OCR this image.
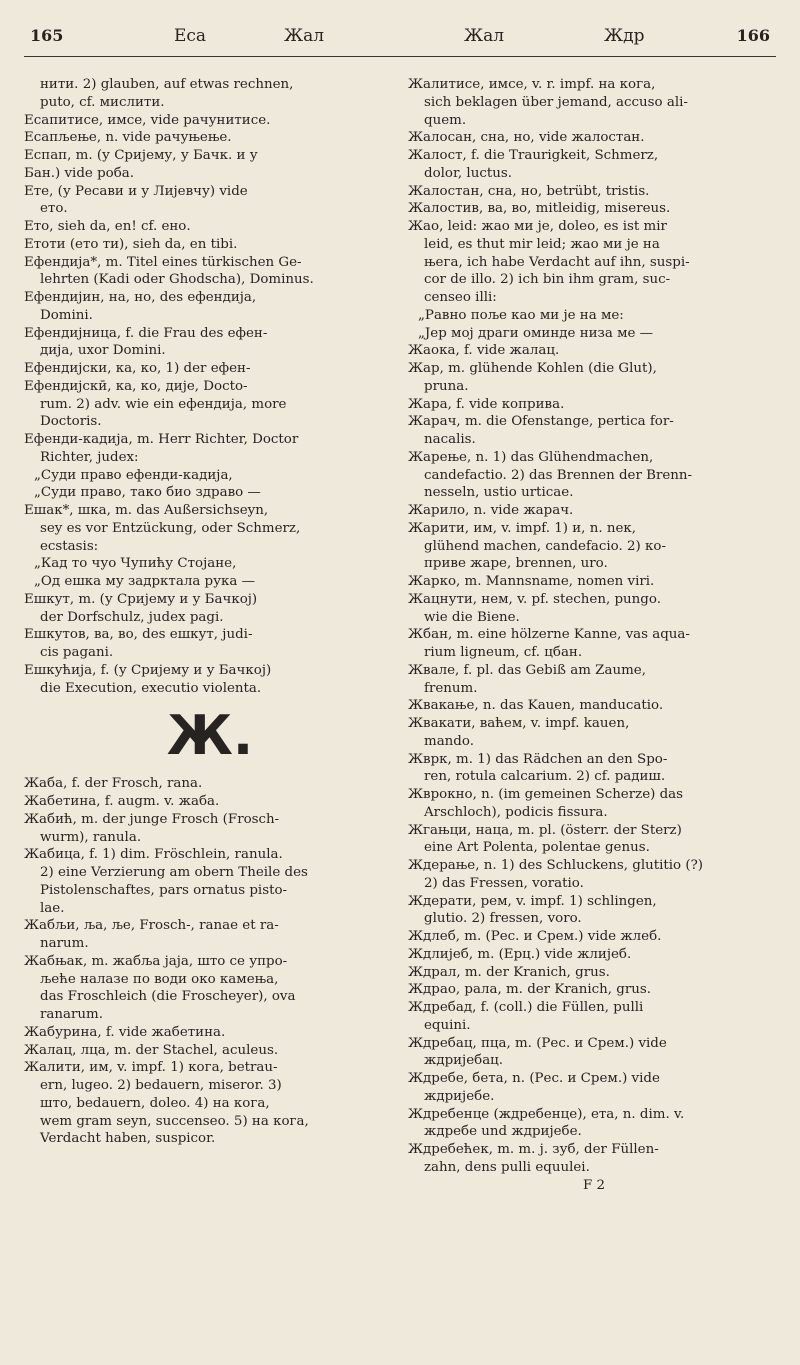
165	Еса	Жал	Жал	Ждр	166
нити. 2) glauben, auf etwas rechnen,
puto, cf. мислити.
Есапитисе, имсе, vide рачунитисе.
Есапљење, n. vide рачуњење.
Еспап, m. (у Сриjему, у Бачк. и у
Бан.) vide роба.
Ете, (у Ресави и у Лијевчу) vide
ето.
Ето, sieh da, en! cf. ено.
Етоти (ето ти), sieh da, en tibi.
Ефендија*, m. Titel eines türkischen Ge-
lehrten (Kadi oder Ghodscha), Dominus.
Ефендијин, на, но, des ефендија,
Domini.
Ефендијница, f. die Frau des ефен-
дија, uxor Domini.
Ефендијски, ка, ко, 1) der ефен-
Ефендијскӣ, ка, ко, дије, Docto-
rum. 2) adv. wie ein ефендија, more
Doctoris.
Ефенди-кадија, m. Herr Richter, Doctor
Richter, judex:
„Суди право ефенди-кадија,
„Суди право, тако био здраво —
Ешак*, шка, m. das Außersichseyn,
sey es vor Entzückung, oder Schmerz,
ecstasis:
„Кад то чуо Чупићу Стојане,
„Од ешка му задрктала рука —
Ешкут, m. (у Сријему и у Бачкој)
der Dorfschulz, judex pagi.
Ешкутов, ва, во, des ешкут, judi-
cis pagani.
Ешкућија, f. (у Сријему и у Бачкој)
die Execution, executio violenta.
Ж.
Жаба, f. der Frosch, rana.
Жабетина, f. augm. v. жаба.
Жабић, m. der junge Frosch (Frosch-
wurm), ranula.
Жабица, f. 1) dim. Fröschlein, ranula.
2) eine Verzierung am obern Theile des
Pistolenschaftes, pars ornatus pisto-
lae.
Жабљи, ља, ље, Frosch-, ranae et ra-
narum.
Жабњак, m. жабља јаја, што се упро-
љеће налазе по води око камења,
das Froschleich (die Froscheyer), ova
ranarum.
Жабурина, f. vide жабетина.
Жалац, лца, m. der Stachel, aculeus.
Жалити, им, v. impf. 1) кога, betrau-
ern, lugeo. 2) bedauern, miseror. 3)
што, bedauern, doleo. 4) на кога,
wem gram seyn, succenseo. 5) на кога,
Verdacht haben, suspicor.
Жалитисе, имсе, v. r. impf. на кога,
sich beklagen über jemand, accuso ali-
quem.
Жалосан, сна, но, vide жалостан.
Жалост, f. die Traurigkeit, Schmerz,
dolor, luctus.
Жалостан, сна, но, betrübt, tristis.
Жалостив, ва, во, mitleidig, misereus.
Жао, leid: жао ми је, doleo, es ist mir
leid, es thut mir leid; жао ми је на
њега, ich habe Verdacht auf ihn, suspi-
cor de illo. 2) ich bin ihm gram, suc-
censeo illi:
„Равно поље као ми је на ме:
„Јер мој драги оминде низа ме —
Жаока, f. vide жалац.
Жар, m. glühende Kohlen (die Glut),
pruna.
Жара, f. vide коприва.
Жарач, m. die Ofenstange, pertica for-
nacalis.
Жарење, n. 1) das Glühendmachen,
candefactio. 2) das Brennen der Brenn-
nesseln, ustio urticae.
Жарило, n. vide жарач.
Жарити, им, v. impf. 1) и, n. neк,
glühend machen, candefacio. 2) ко-
приве жаре, brennen, uro.
Жарко, m. Mannsname, nomen viri.
Жацнути, нем, v. pf. stechen, pungo.
wie die Biene.
Жбан, m. eine hölzerne Kanne, vas aqua-
rium ligneum, cf. цбан.
Жвале, f. pl. das Gebiß am Zaume,
frenum.
Жвакање, n. das Kauen, manducatio.
Жвакати, ваћем, v. impf. kauen,
mando.
Жврк, m. 1) das Rädchen an den Spo-
ren, rotula calcarium. 2) cf. радиш.
Жврокно, n. (im gemeinen Scherze) das
Arschloch), podicis fissura.
Жгањци, наца, m. pl. (österr. der Sterz)
eine Art Polenta, polentae genus.
Ждерање, n. 1) des Schluckens, glutitio (?)
2) das Fressen, voratio.
Ждерати, рем, v. impf. 1) schlingen,
glutio. 2) fressen, voro.
Ждлеб, m. (Рес. и Срем.) vide жлеб.
Ждлијеб, m. (Ерц.) vide жлијеб.
Ждрал, m. der Kranich, grus.
Ждрао, рала, m. der Kranich, grus.
Ждребад, f. (coll.) die Füllen, pulli
equini.
Ждребац, пца, m. (Рес. и Срем.) vide
ждријебац.
Ждребе, бета, n. (Рес. и Срем.) vide
ждријебе.
Ждребенце (ждребенце), ета, n. dim. v.
ждребе und ждријебе.
Ждребећек, m. m. j. зуб, der Füllen-
zahn, dens pulli equulei.
F 2
